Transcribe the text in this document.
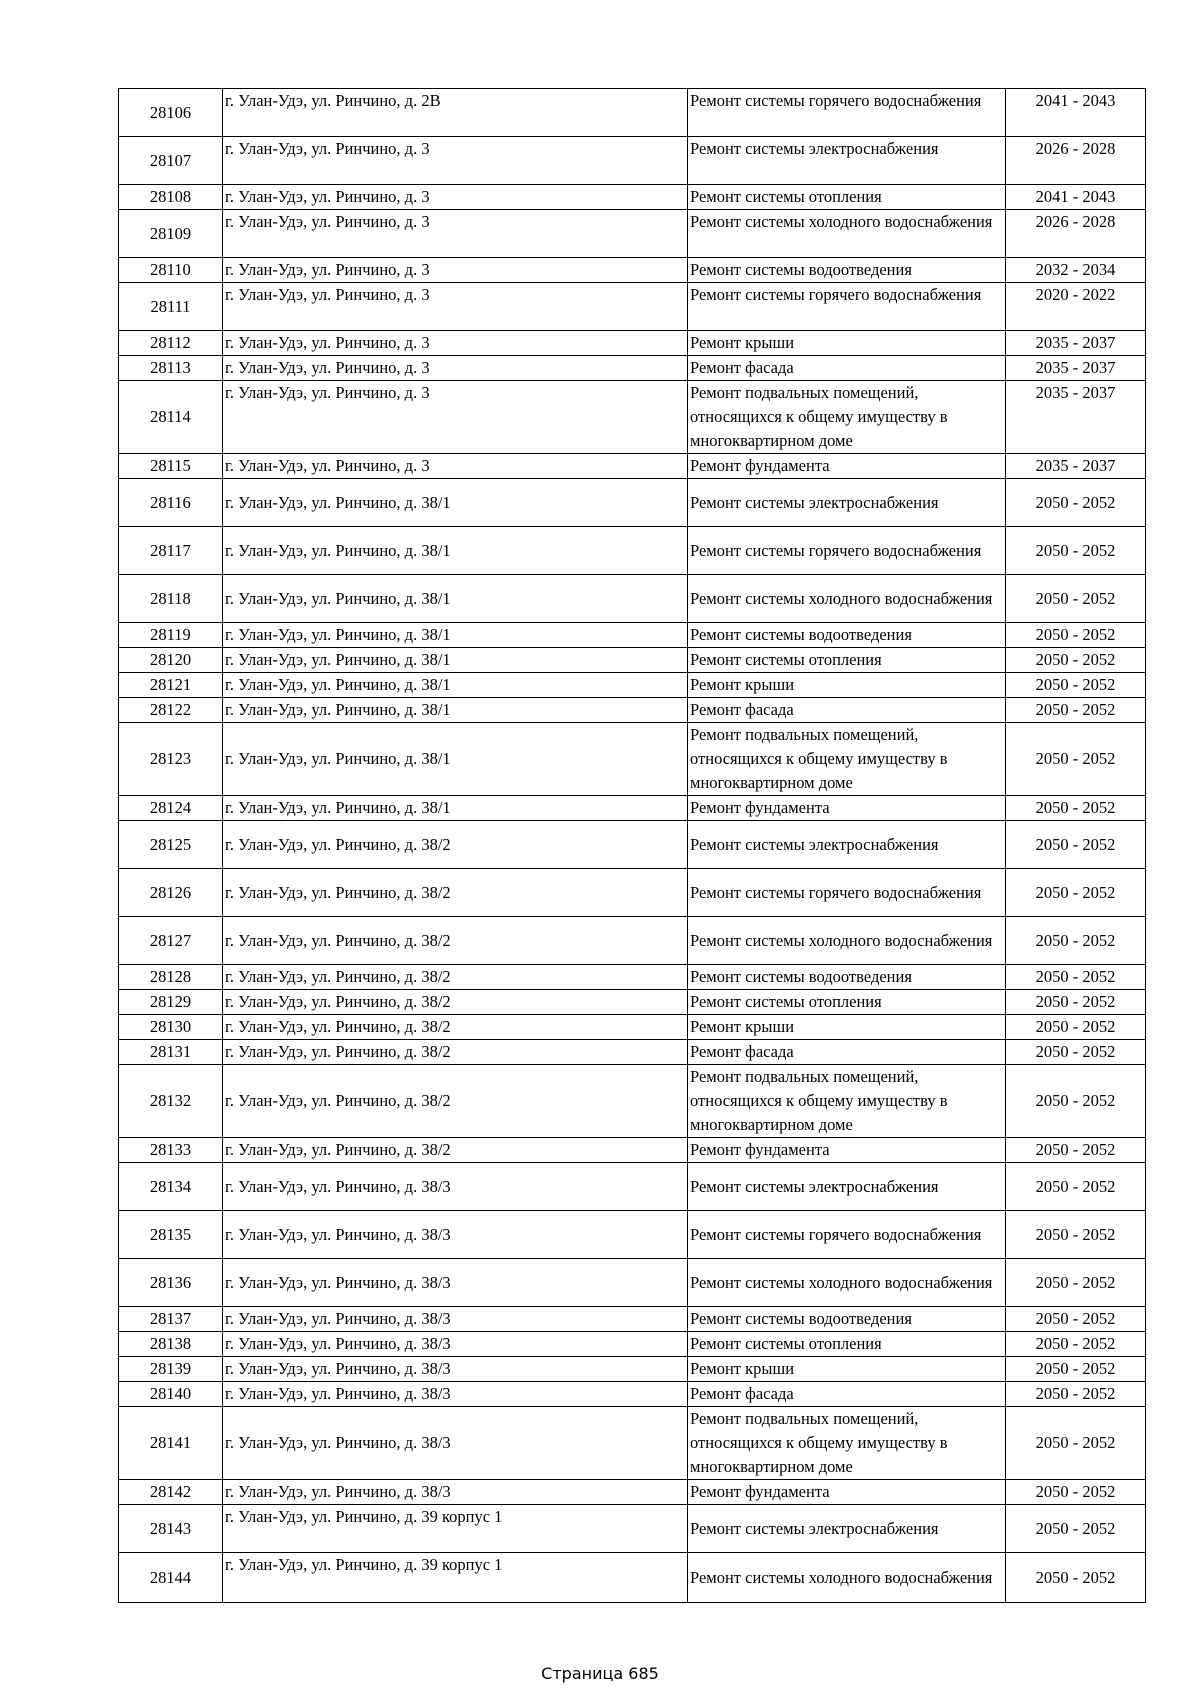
28106	г. Улан-Удэ, ул. Ринчино, д. 2В	Ремонт системы горячего водоснабжения	2041 - 2043
28107	г. Улан-Удэ, ул. Ринчино, д. 3	Ремонт системы электроснабжения	2026 - 2028
28108	г. Улан-Удэ, ул. Ринчино, д. 3	Ремонт системы отопления	2041 - 2043
28109	г. Улан-Удэ, ул. Ринчино, д. 3	Ремонт системы холодного водоснабжения	2026 - 2028
28110	г. Улан-Удэ, ул. Ринчино, д. 3	Ремонт системы водоотведения	2032 - 2034
28111	г. Улан-Удэ, ул. Ринчино, д. 3	Ремонт системы горячего водоснабжения	2020 - 2022
28112	г. Улан-Удэ, ул. Ринчино, д. 3	Ремонт крыши	2035 - 2037
28113	г. Улан-Удэ, ул. Ринчино, д. 3	Ремонт фасада	2035 - 2037
28114	г. Улан-Удэ, ул. Ринчино, д. 3	Ремонт подвальных помещений, относящихся к общему имуществу в многоквартирном доме	2035 - 2037
28115	г. Улан-Удэ, ул. Ринчино, д. 3	Ремонт фундамента	2035 - 2037
28116	г. Улан-Удэ, ул. Ринчино, д. 38/1	Ремонт системы электроснабжения	2050 - 2052
28117	г. Улан-Удэ, ул. Ринчино, д. 38/1	Ремонт системы горячего водоснабжения	2050 - 2052
28118	г. Улан-Удэ, ул. Ринчино, д. 38/1	Ремонт системы холодного водоснабжения	2050 - 2052
28119	г. Улан-Удэ, ул. Ринчино, д. 38/1	Ремонт системы водоотведения	2050 - 2052
28120	г. Улан-Удэ, ул. Ринчино, д. 38/1	Ремонт системы отопления	2050 - 2052
28121	г. Улан-Удэ, ул. Ринчино, д. 38/1	Ремонт крыши	2050 - 2052
28122	г. Улан-Удэ, ул. Ринчино, д. 38/1	Ремонт фасада	2050 - 2052
28123	г. Улан-Удэ, ул. Ринчино, д. 38/1	Ремонт подвальных помещений, относящихся к общему имуществу в многоквартирном доме	2050 - 2052
28124	г. Улан-Удэ, ул. Ринчино, д. 38/1	Ремонт фундамента	2050 - 2052
28125	г. Улан-Удэ, ул. Ринчино, д. 38/2	Ремонт системы электроснабжения	2050 - 2052
28126	г. Улан-Удэ, ул. Ринчино, д. 38/2	Ремонт системы горячего водоснабжения	2050 - 2052
28127	г. Улан-Удэ, ул. Ринчино, д. 38/2	Ремонт системы холодного водоснабжения	2050 - 2052
28128	г. Улан-Удэ, ул. Ринчино, д. 38/2	Ремонт системы водоотведения	2050 - 2052
28129	г. Улан-Удэ, ул. Ринчино, д. 38/2	Ремонт системы отопления	2050 - 2052
28130	г. Улан-Удэ, ул. Ринчино, д. 38/2	Ремонт крыши	2050 - 2052
28131	г. Улан-Удэ, ул. Ринчино, д. 38/2	Ремонт фасада	2050 - 2052
28132	г. Улан-Удэ, ул. Ринчино, д. 38/2	Ремонт подвальных помещений, относящихся к общему имуществу в многоквартирном доме	2050 - 2052
28133	г. Улан-Удэ, ул. Ринчино, д. 38/2	Ремонт фундамента	2050 - 2052
28134	г. Улан-Удэ, ул. Ринчино, д. 38/3	Ремонт системы электроснабжения	2050 - 2052
28135	г. Улан-Удэ, ул. Ринчино, д. 38/3	Ремонт системы горячего водоснабжения	2050 - 2052
28136	г. Улан-Удэ, ул. Ринчино, д. 38/3	Ремонт системы холодного водоснабжения	2050 - 2052
28137	г. Улан-Удэ, ул. Ринчино, д. 38/3	Ремонт системы водоотведения	2050 - 2052
28138	г. Улан-Удэ, ул. Ринчино, д. 38/3	Ремонт системы отопления	2050 - 2052
28139	г. Улан-Удэ, ул. Ринчино, д. 38/3	Ремонт крыши	2050 - 2052
28140	г. Улан-Удэ, ул. Ринчино, д. 38/3	Ремонт фасада	2050 - 2052
28141	г. Улан-Удэ, ул. Ринчино, д. 38/3	Ремонт подвальных помещений, относящихся к общему имуществу в многоквартирном доме	2050 - 2052
28142	г. Улан-Удэ, ул. Ринчино, д. 38/3	Ремонт фундамента	2050 - 2052
28143	г. Улан-Удэ, ул. Ринчино, д. 39 корпус 1	Ремонт системы электроснабжения	2050 - 2052
28144	г. Улан-Удэ, ул. Ринчино, д. 39 корпус 1	Ремонт системы холодного водоснабжения	2050 - 2052
Страница 685
